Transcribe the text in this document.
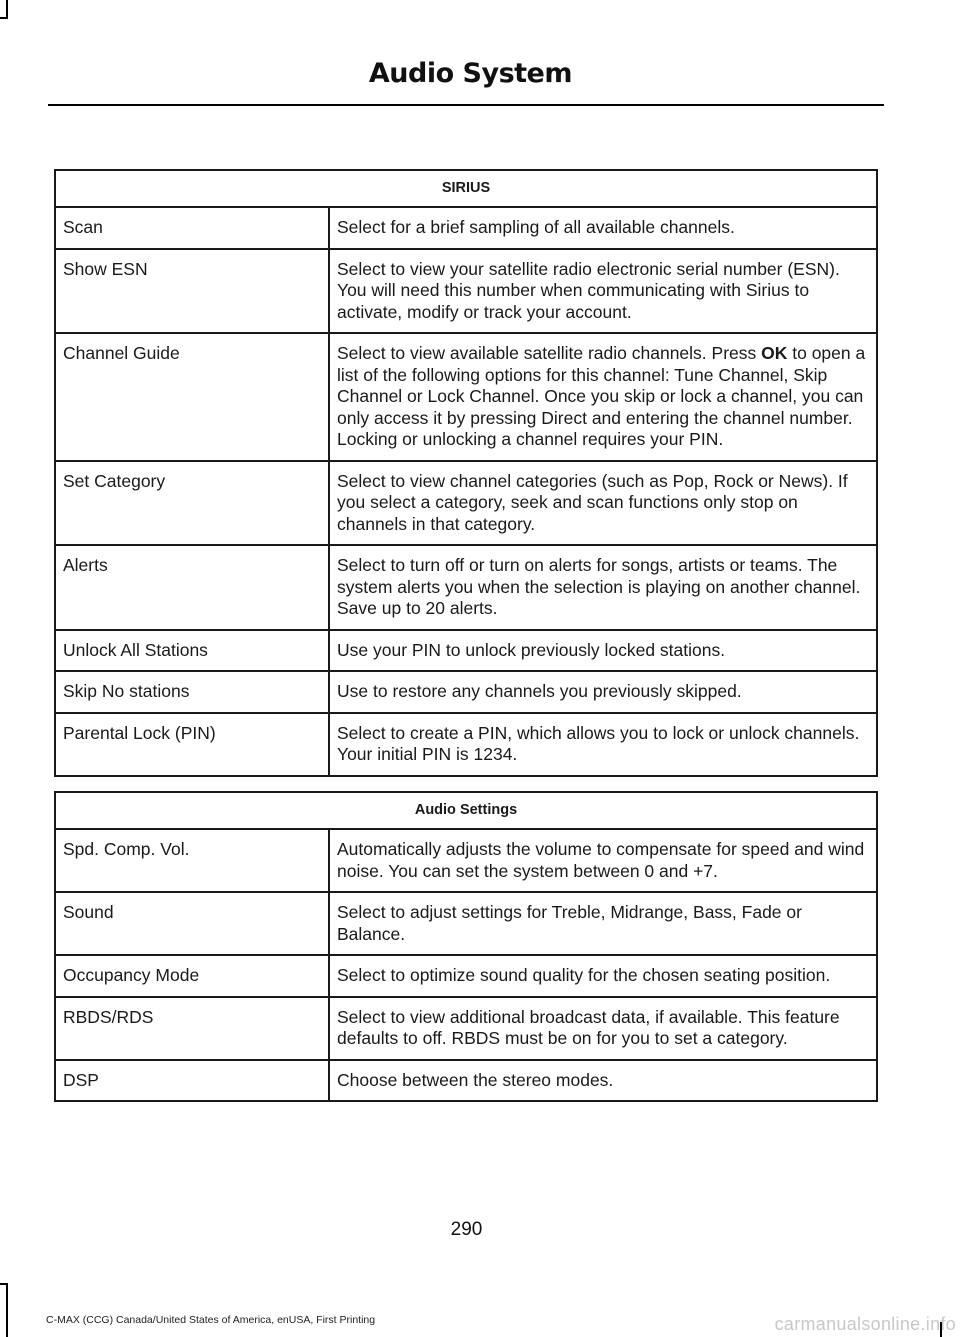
Audio System
SIRIUS	
Scan	Select for a brief sampling of all available channels.
Show ESN	Select to view your satellite radio electronic serial number (ESN). You will need this number when communicating with Sirius to activate, modify or track your account.
Channel Guide	Select to view available satellite radio channels. Press OK to open a list of the following options for this channel: Tune Channel, Skip Channel or Lock Channel. Once you skip or lock a channel, you can only access it by pressing Direct and entering the channel number. Locking or unlocking a channel requires your PIN.
Set Category	Select to view channel categories (such as Pop, Rock or News). If you select a category, seek and scan functions only stop on channels in that category.
Alerts	Select to turn off or turn on alerts for songs, artists or teams. The system alerts you when the selection is playing on another channel. Save up to 20 alerts.
Unlock All Stations	Use your PIN to unlock previously locked stations.
Skip No stations	Use to restore any channels you previously skipped.
Parental Lock (PIN)	Select to create a PIN, which allows you to lock or unlock channels. Your initial PIN is 1234.
Audio Settings	
Spd. Comp. Vol.	Automatically adjusts the volume to compensate for speed and wind noise. You can set the system between 0 and +7.
Sound	Select to adjust settings for Treble, Midrange, Bass, Fade or Balance.
Occupancy Mode	Select to optimize sound quality for the chosen seating position.
RBDS/RDS	Select to view additional broadcast data, if available. This feature defaults to off. RBDS must be on for you to set a category.
DSP	Choose between the stereo modes.
290
C-MAX (CCG) Canada/United States of America, enUSA, First Printing	carmanualsonline.info
